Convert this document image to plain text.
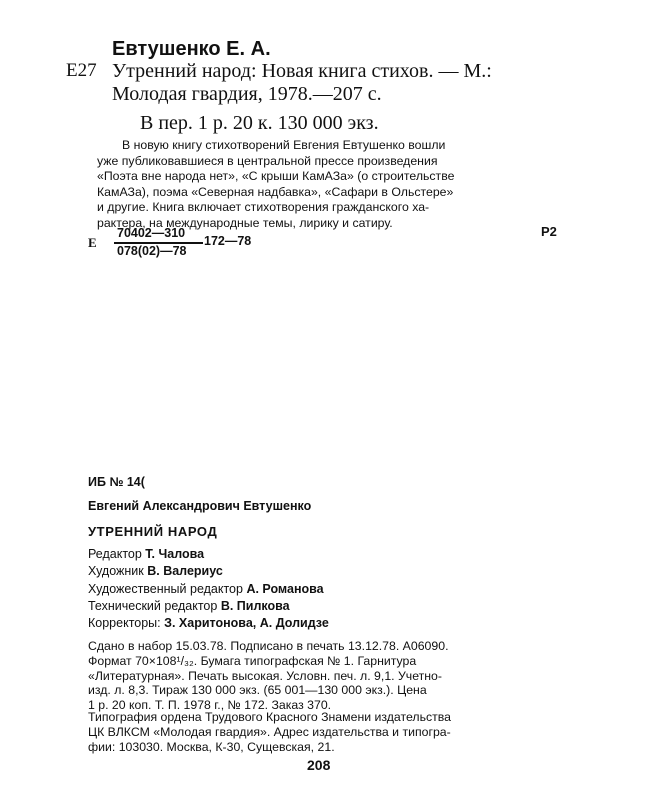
Евтушенко Е. А.
Е27 Утренний народ: Новая книга стихов. — М.:
Молодая гвардия, 1978.—207 с.
В пер. 1 р. 20 к. 130 000 экз.
В новую книгу стихотворений Евгения Евтушенко вошли
уже публиковавшиеся в центральной прессе произведения
«Поэта вне народа нет», «С крыши КамАЗа» (о строительстве
КамАЗа), поэма «Северная надбавка», «Сафари в Ольстере»
и другие. Книга включает стихотворения гражданского ха-
рактера, на международные темы, лирику и сатиру.
Е
70402—310
078(02)—78
172—78
Р2
ИБ № 14(
Евгений Александрович Евтушенко
УТРЕННИЙ НАРОД
Редактор Т. Чалова
Художник В. Валериус
Художественный редактор А. Романова
Технический редактор В. Пилкова
Корректоры: З. Харитонова, А. Долидзе
Сдано в набор 15.03.78. Подписано в печать 13.12.78. А06090.
Формат 70×108¹/₃₂. Бумага типографская № 1. Гарнитура
«Литературная». Печать высокая. Условн. печ. л. 9,1. Учетно-
изд. л. 8,3. Тираж 130 000 экз. (65 001—130 000 экз.). Цена
1 р. 20 коп. Т. П. 1978 г., № 172. Заказ 370.
Типография ордена Трудового Красного Знамени издательства
ЦК ВЛКСМ «Молодая гвардия». Адрес издательства и типогра-
фии: 103030. Москва, К-30, Сущевская, 21.
208
